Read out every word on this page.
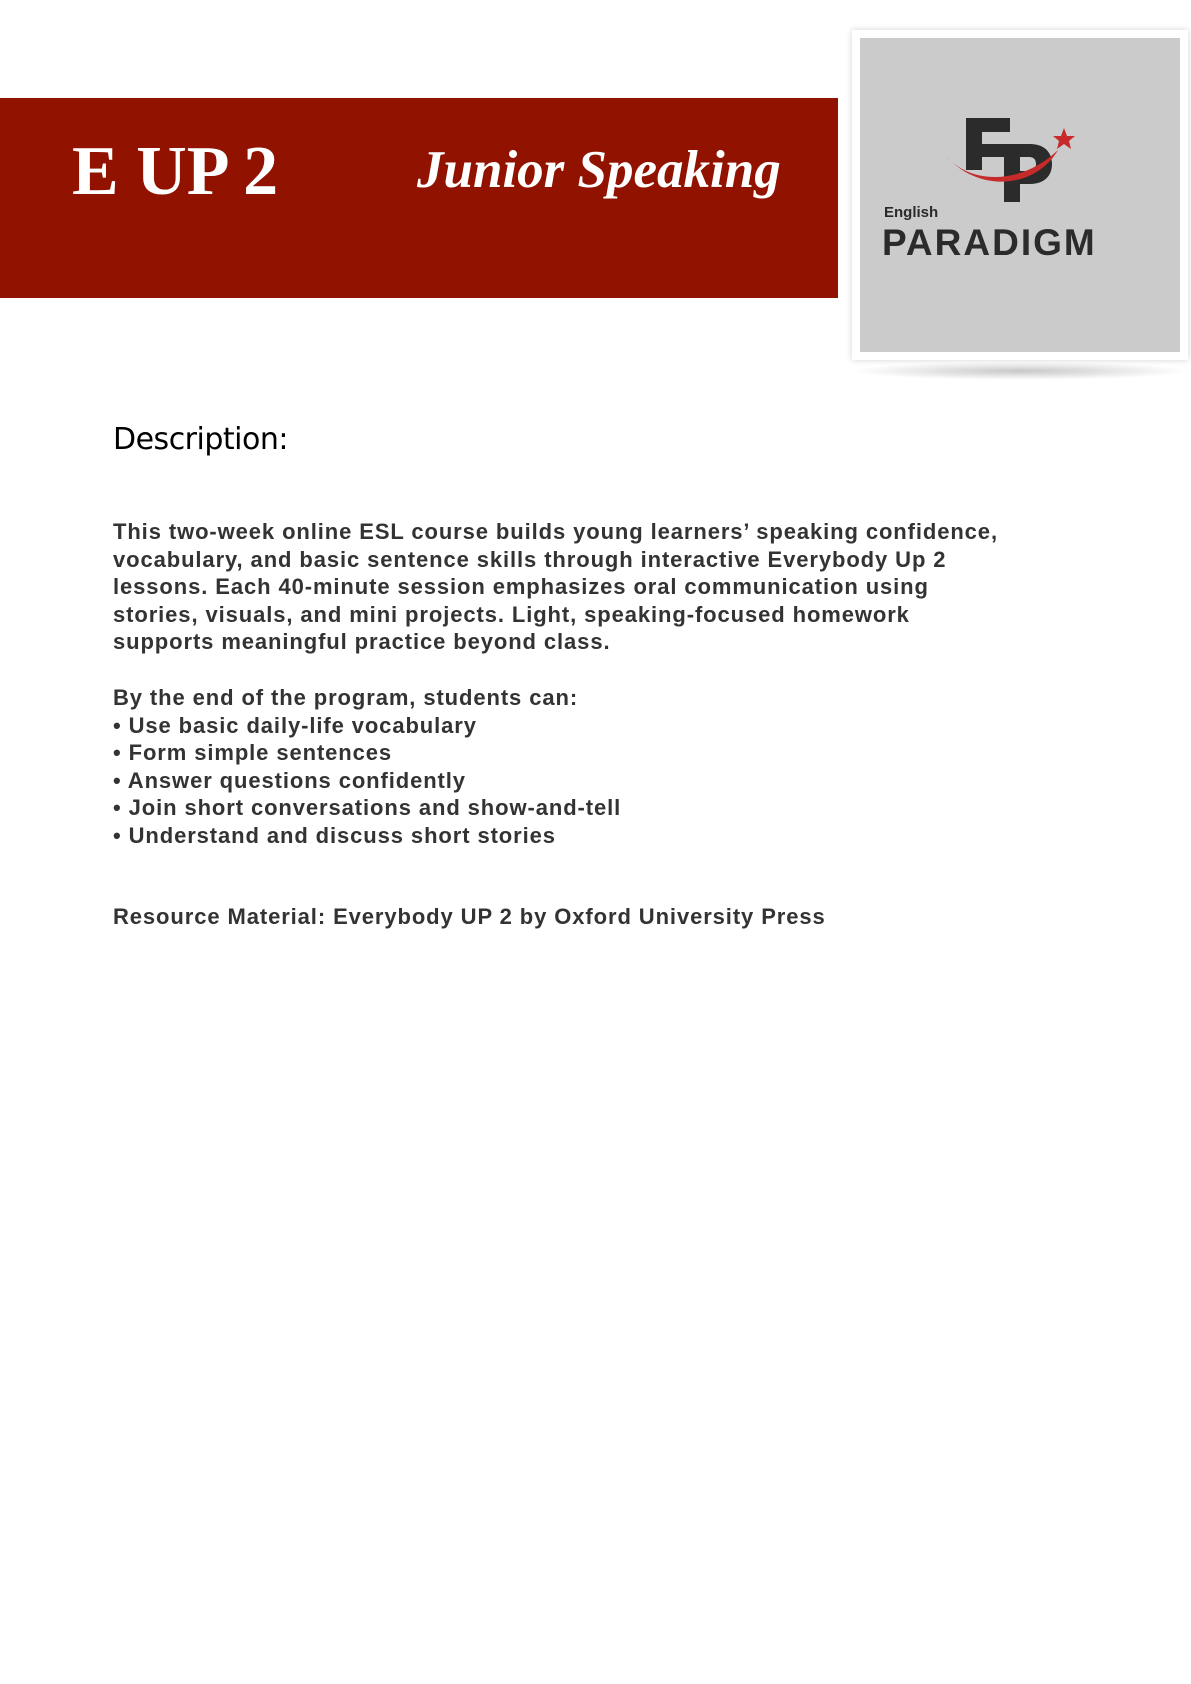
E UP 2	Junior Speaking
English
PARADIGM
Description:
This two-week online ESL course builds young learners’ speaking confidence,
vocabulary, and basic sentence skills through interactive Everybody Up 2
lessons. Each 40-minute session emphasizes oral communication using
stories, visuals, and mini projects. Light, speaking-focused homework
supports meaningful practice beyond class.
By the end of the program, students can:
• Use basic daily-life vocabulary
• Form simple sentences
• Answer questions confidently
• Join short conversations and show-and-tell
• Understand and discuss short stories
Resource Material: Everybody UP 2 by Oxford University Press
